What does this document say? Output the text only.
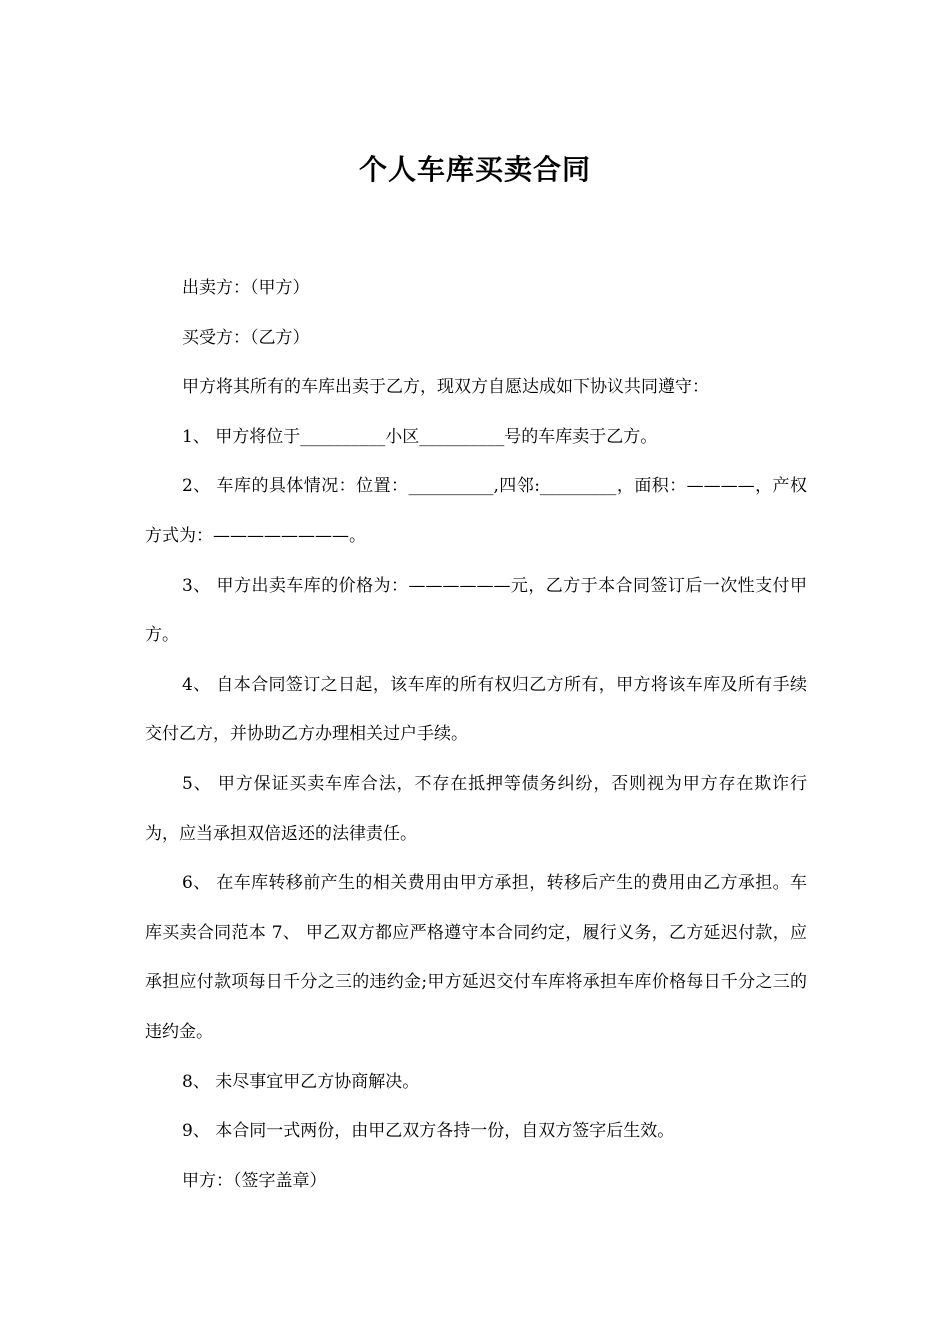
个人车库买卖合同

出卖方：（甲方）

买受方：（乙方）

甲方将其所有的车库出卖于乙方，现双方自愿达成如下协议共同遵守：

1、 甲方将位于__________小区__________号的车库卖于乙方。

2、 车库的具体情况：位置：__________,四邻:_________，面积：————，产权方式为：————————。

3、 甲方出卖车库的价格为：——————元，乙方于本合同签订后一次性支付甲方。

4、 自本合同签订之日起，该车库的所有权归乙方所有，甲方将该车库及所有手续交付乙方，并协助乙方办理相关过户手续。

5、 甲方保证买卖车库合法，不存在抵押等债务纠纷，否则视为甲方存在欺诈行为，应当承担双倍返还的法律责任。

6、 在车库转移前产生的相关费用由甲方承担，转移后产生的费用由乙方承担。车库买卖合同范本 7、 甲乙双方都应严格遵守本合同约定，履行义务，乙方延迟付款，应承担应付款项每日千分之三的违约金;甲方延迟交付车库将承担车库价格每日千分之三的违约金。

8、 未尽事宜甲乙方协商解决。

9、 本合同一式两份，由甲乙双方各持一份，自双方签字后生效。

甲方：（签字盖章）
